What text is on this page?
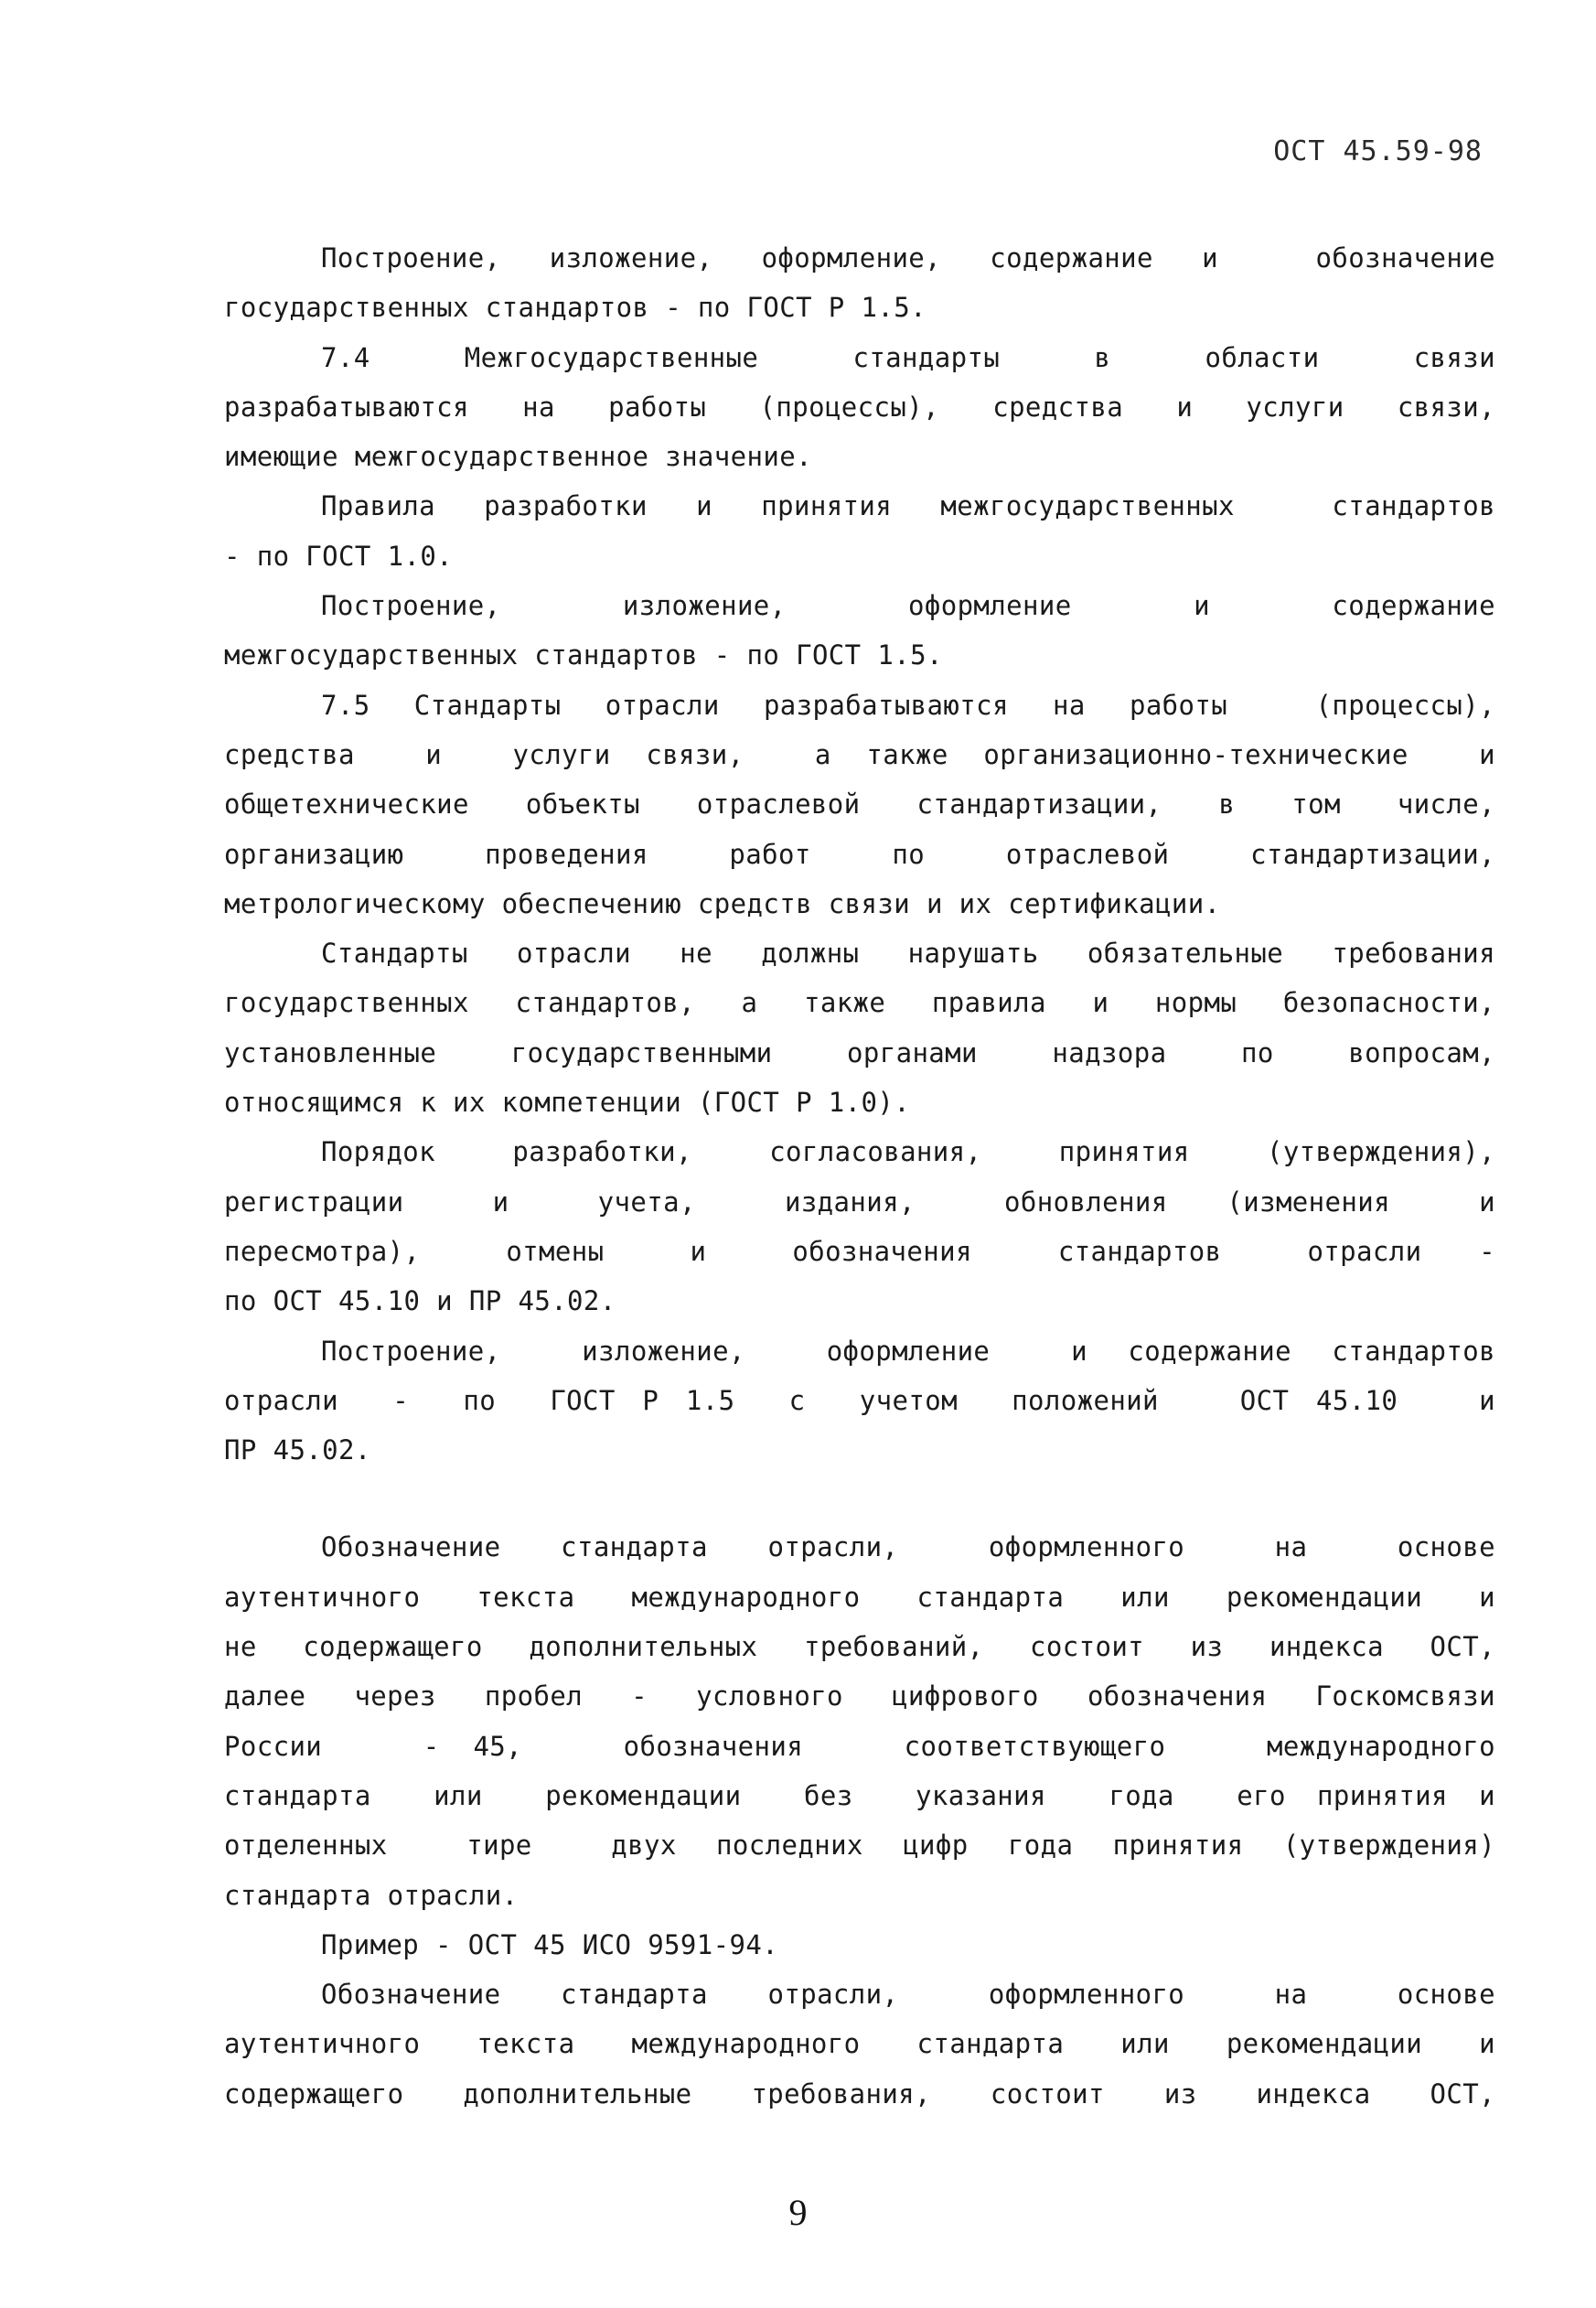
ОСТ 45.59-98
Построение, изложение, оформление, содержание и  обозначение
государственных стандартов - по ГОСТ Р 1.5.
7.4    Межгосударственные    стандарты    в    области    связи
разрабатываются на работы (процессы), средства и услуги связи,
имеющие межгосударственное значение.
Правила разработки и принятия межгосударственных  стандартов
- по ГОСТ 1.0.
Построение,    изложение,    оформление    и    содержание
межгосударственных стандартов - по ГОСТ 1.5.
7.5 Стандарты отрасли разрабатываются на работы  (процессы),
средства  и  услуги связи,  а также организационно-технические  и
общетехнические объекты отраслевой стандартизации, в том числе,
организацию  проведения  работ  по  отраслевой  стандартизации,
метрологическому обеспечению средств связи и их сертификации.
Стандарты отрасли не должны нарушать обязательные требования
государственных стандартов, а также правила и нормы безопасности,
установленные  государственными  органами  надзора  по  вопросам,
относящимся к их компетенции (ГОСТ Р 1.0).
Порядок  разработки,  согласования,  принятия  (утверждения),
регистрации   и   учета,   издания,   обновления  (изменения   и
пересмотра),   отмены   и   обозначения   стандартов   отрасли  -
по ОСТ 45.10 и ПР 45.02.
Построение,  изложение,  оформление  и содержание стандартов
отрасли  -  по  ГОСТ Р 1.5  с  учетом  положений   ОСТ 45.10   и
ПР 45.02.
Обозначение  стандарта  отрасли,   оформленного   на   основе
аутентичного текста международного стандарта или рекомендации и
не содержащего дополнительных требований, состоит из индекса ОСТ,
далее через пробел - условного цифрового обозначения Госкомсвязи
России   - 45,   обозначения   соответствующего   международного
стандарта  или  рекомендации  без  указания  года  его принятия и
отделенных  тире  двух последних цифр года принятия (утверждения)
стандарта отрасли.
Пример - ОСТ 45 ИСО 9591-94.
Обозначение  стандарта  отрасли,   оформленного   на   основе
аутентичного текста международного стандарта или рекомендации и
содержащего дополнительные требования, состоит из индекса ОСТ,
9
